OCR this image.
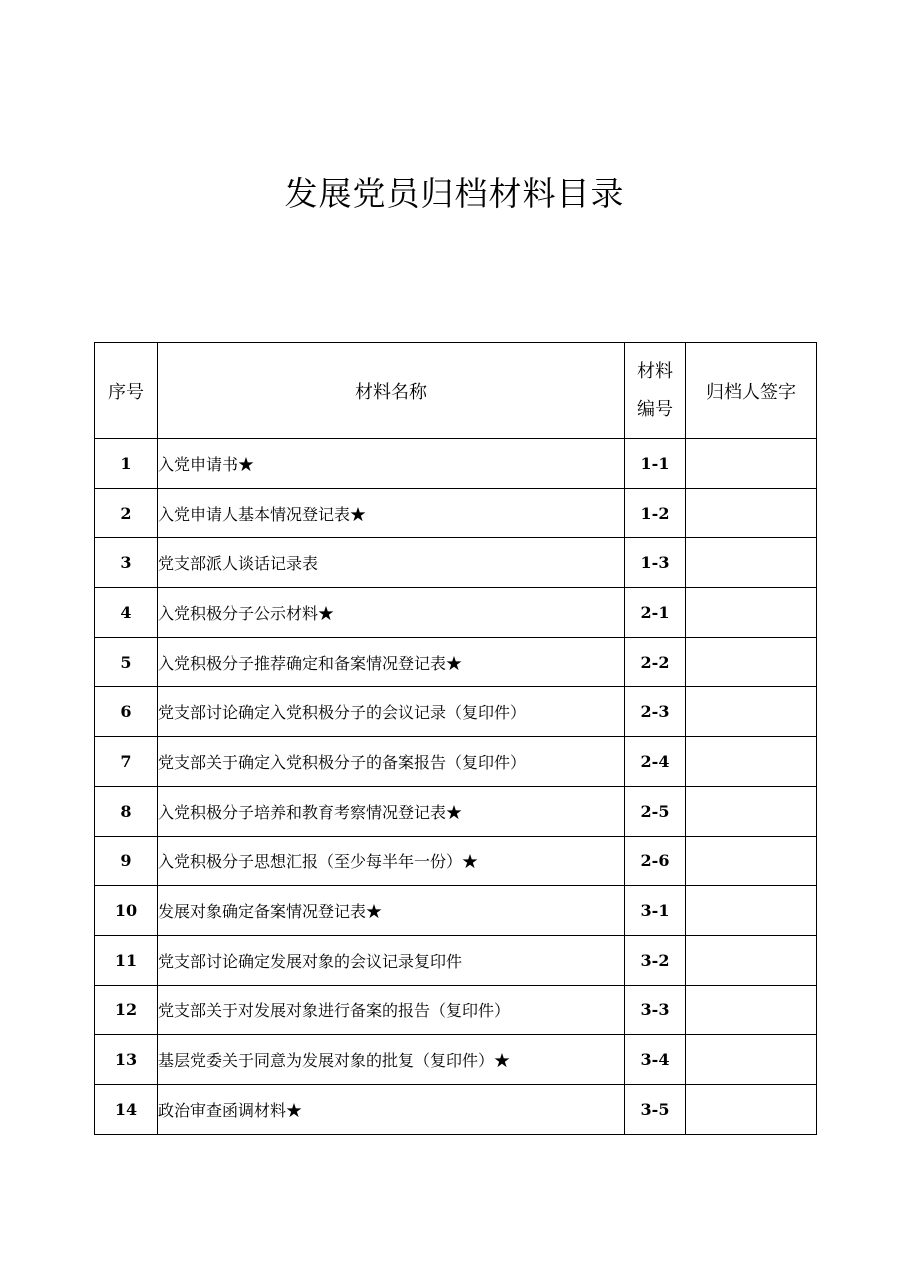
发展党员归档材料目录
序号	材料名称	材料编号	归档人签字
1	入党申请书★	1-1	
2	入党申请人基本情况登记表★	1-2	
3	党支部派人谈话记录表	1-3	
4	入党积极分子公示材料★	2-1	
5	入党积极分子推荐确定和备案情况登记表★	2-2	
6	党支部讨论确定入党积极分子的会议记录（复印件）	2-3	
7	党支部关于确定入党积极分子的备案报告（复印件）	2-4	
8	入党积极分子培养和教育考察情况登记表★	2-5	
9	入党积极分子思想汇报（至少每半年一份）★	2-6	
10	发展对象确定备案情况登记表★	3-1	
11	党支部讨论确定发展对象的会议记录复印件	3-2	
12	党支部关于对发展对象进行备案的报告（复印件）	3-3	
13	基层党委关于同意为发展对象的批复（复印件）★	3-4	
14	政治审查函调材料★	3-5	
